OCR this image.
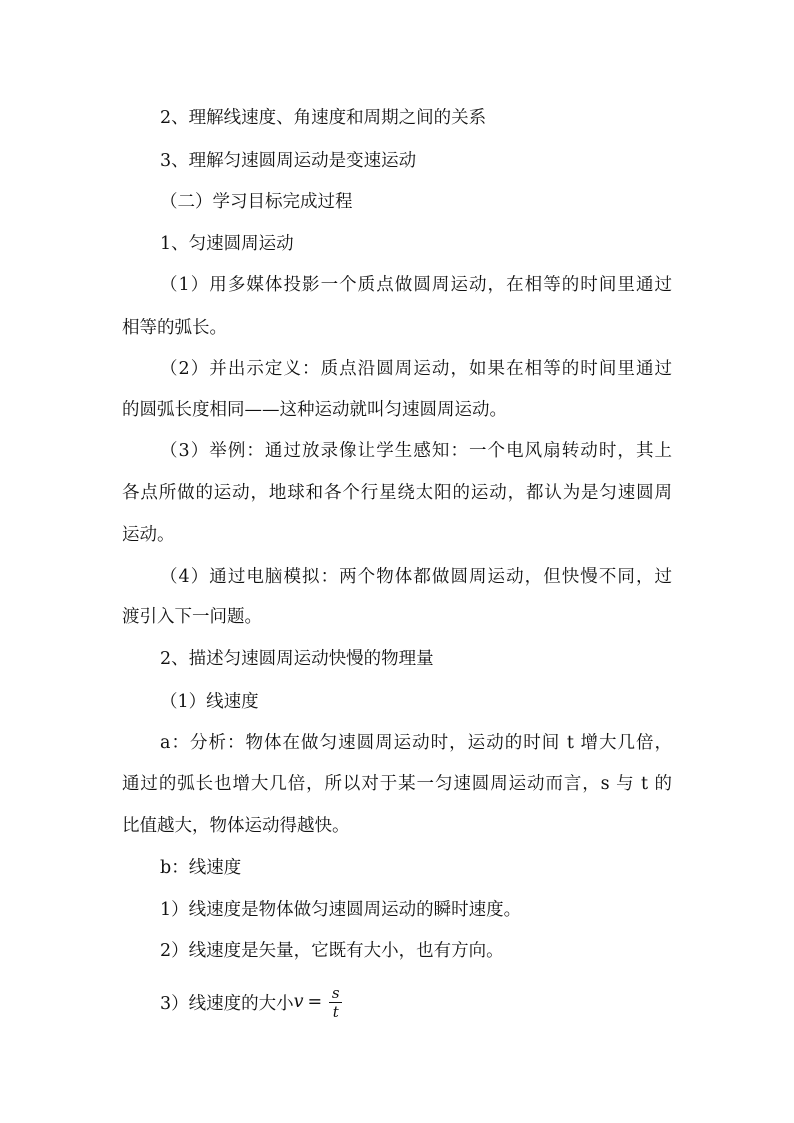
2、理解线速度、角速度和周期之间的关系
3、理解匀速圆周运动是变速运动
（二）学习目标完成过程
1、匀速圆周运动
（1）用多媒体投影一个质点做圆周运动，在相等的时间里通过
相等的弧长。
（2）并出示定义：质点沿圆周运动，如果在相等的时间里通过
的圆弧长度相同——这种运动就叫匀速圆周运动。
（3）举例：通过放录像让学生感知：一个电风扇转动时，其上
各点所做的运动，地球和各个行星绕太阳的运动，都认为是匀速圆周
运动。
（4）通过电脑模拟：两个物体都做圆周运动，但快慢不同，过
渡引入下一问题。
2、描述匀速圆周运动快慢的物理量
（1）线速度
a：分析：物体在做匀速圆周运动时，运动的时间 t 增大几倍，
通过的弧长也增大几倍，所以对于某一匀速圆周运动而言，s 与 t 的
比值越大，物体运动得越快。
b：线速度
1）线速度是物体做匀速圆周运动的瞬时速度。
2）线速度是矢量，它既有大小，也有方向。
3）线速度的大小 $v = \frac{s}{t}$
